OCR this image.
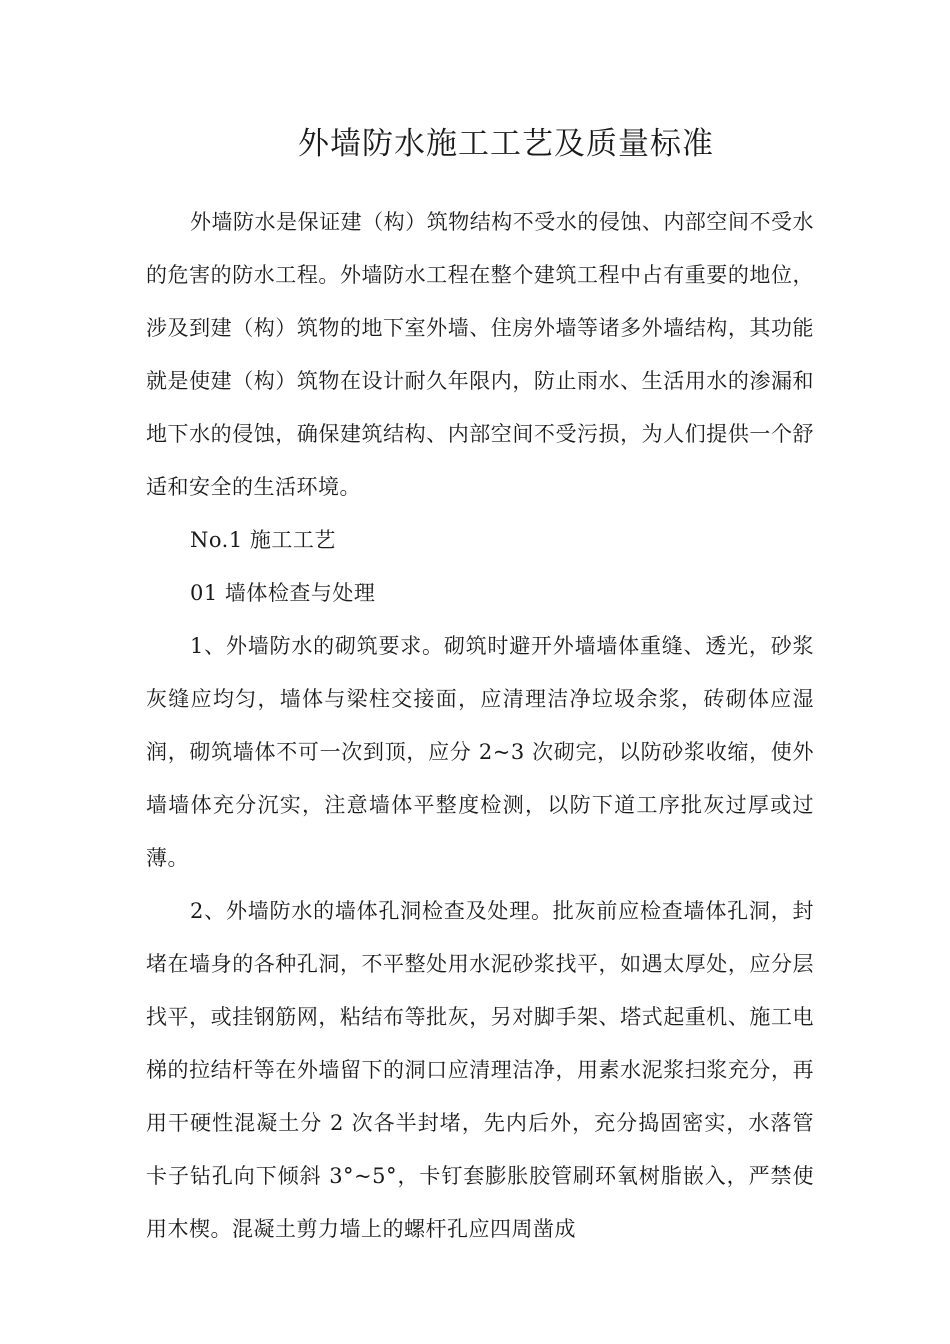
外墙防水施工工艺及质量标准

外墙防水是保证建（构）筑物结构不受水的侵蚀、内部空间不受水的危害的防水工程。外墙防水工程在整个建筑工程中占有重要的地位，涉及到建（构）筑物的地下室外墙、住房外墙等诸多外墙结构，其功能就是使建（构）筑物在设计耐久年限内，防止雨水、生活用水的渗漏和地下水的侵蚀，确保建筑结构、内部空间不受污损，为人们提供一个舒适和安全的生活环境。

No.1 施工工艺

01 墙体检查与处理

1、外墙防水的砌筑要求。砌筑时避开外墙墙体重缝、透光，砂浆灰缝应均匀，墙体与梁柱交接面，应清理洁净垃圾余浆，砖砌体应湿润，砌筑墙体不可一次到顶，应分 2~3 次砌完，以防砂浆收缩，使外墙墙体充分沉实，注意墙体平整度检测，以防下道工序批灰过厚或过薄。

2、外墙防水的墙体孔洞检查及处理。批灰前应检查墙体孔洞，封堵在墙身的各种孔洞，不平整处用水泥砂浆找平，如遇太厚处，应分层找平，或挂钢筋网，粘结布等批灰，另对脚手架、塔式起重机、施工电梯的拉结杆等在外墙留下的洞口应清理洁净，用素水泥浆扫浆充分，再用干硬性混凝土分 2 次各半封堵，先内后外，充分捣固密实，水落管卡子钻孔向下倾斜 3°~5°，卡钉套膨胀胶管刷环氧树脂嵌入，严禁使用木楔。混凝土剪力墙上的螺杆孔应四周凿成
